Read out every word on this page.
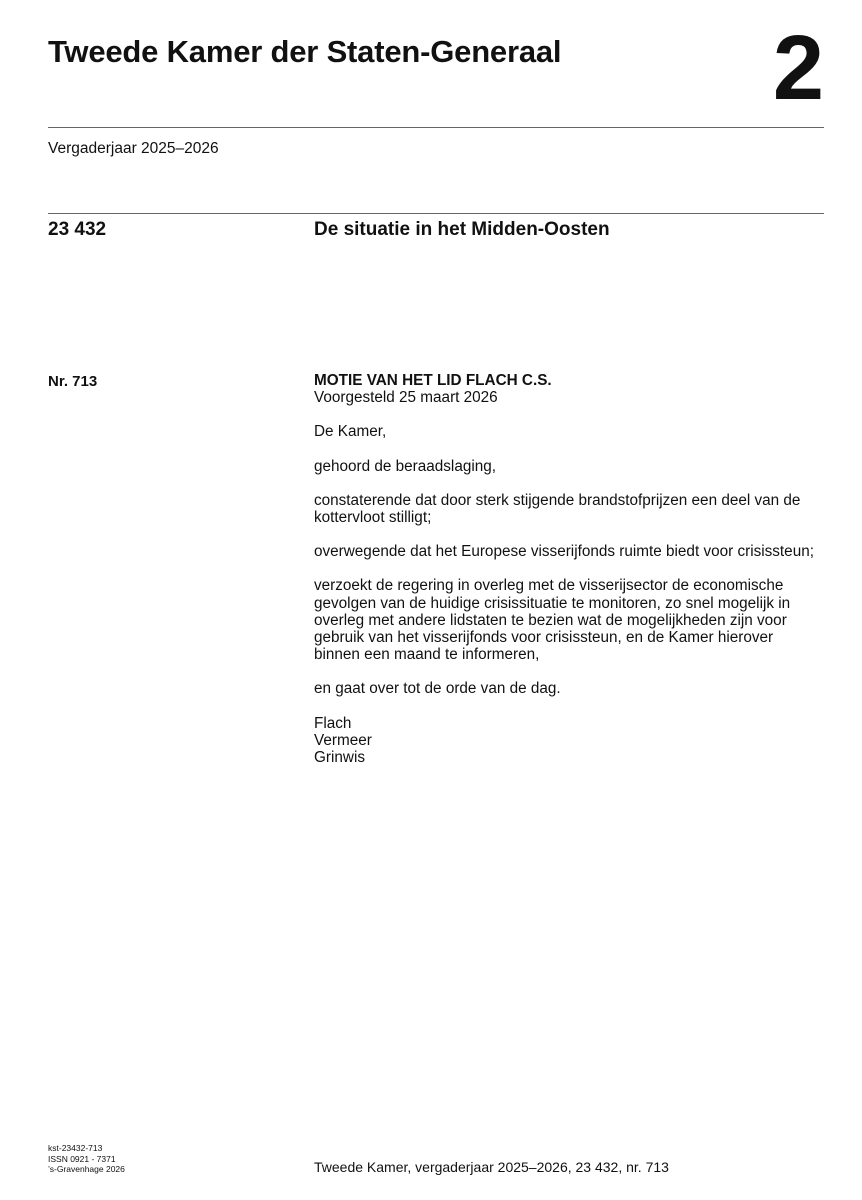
Tweede Kamer der Staten-Generaal 2
Vergaderjaar 2025–2026
23 432	De situatie in het Midden-Oosten
Nr. 713	MOTIE VAN HET LID FLACH C.S.

Voorgesteld 25 maart 2026

De Kamer,

gehoord de beraadslaging,

constaterende dat door sterk stijgende brandstofprijzen een deel van de

kottervloot stilligt;

overwegende dat het Europese visserijfonds ruimte biedt voor crisissteun;

verzoekt de regering in overleg met de visserijsector de economische

gevolgen van de huidige crisissituatie te monitoren, zo snel mogelijk in

overleg met andere lidstaten te bezien wat de mogelijkheden zijn voor

gebruik van het visserijfonds voor crisissteun, en de Kamer hierover

binnen een maand te informeren,

en gaat over tot de orde van de dag.

Flach

Vermeer

Grinwis

kst-23432-713
ISSN 0921 - 7371
’s-Gravenhage 2026	Tweede Kamer, vergaderjaar 2025–2026, 23 432, nr. 713
